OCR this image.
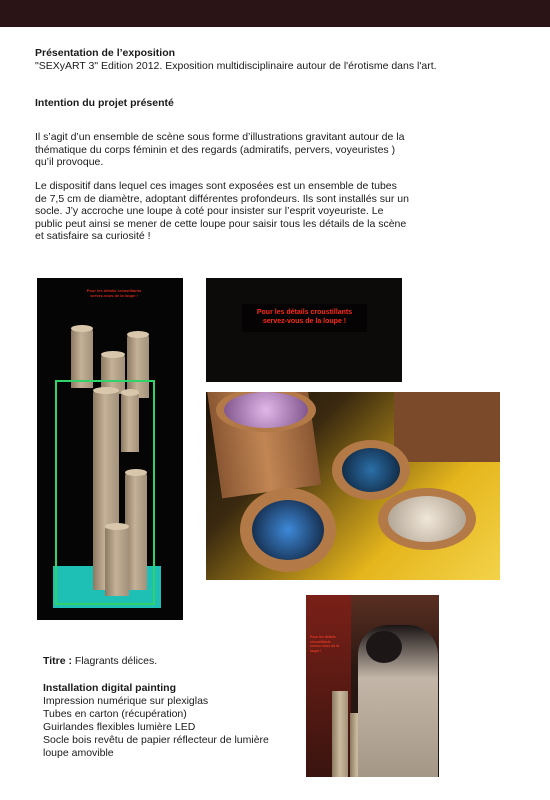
Présentation de l’exposition

"SEXyART 3" Edition 2012. Exposition multidisciplinaire autour de l'érotisme dans l'art.

Intention du projet présenté

Il s’agit d’un ensemble de scène sous forme d’illustrations gravitant autour de la thématique du corps féminin et des regards (admiratifs, pervers, voyeuristes ) qu’il provoque.

Le dispositif dans lequel ces images sont exposées est un ensemble de tubes de 7,5 cm de diamètre, adoptant différentes profondeurs. Ils sont installés sur un socle. J’y accroche une loupe à coté pour insister sur l’esprit voyeuriste. Le public peut ainsi se mener de cette loupe pour saisir tous les détails de la scène et satisfaire sa curiosité !

Pour les détails croustillants
servez-vous de la loupe !
Pour les détails croustillants
servez-vous de la loupe !
Pour les détails croustillants
servez-vous de la loupe !

Titre : Flagrants délices.

Installation digital painting

Impression numérique sur plexiglas

Tubes en carton (récupération)

Guirlandes flexibles lumière LED

Socle bois revêtu de papier réflecteur de lumière

loupe amovible
